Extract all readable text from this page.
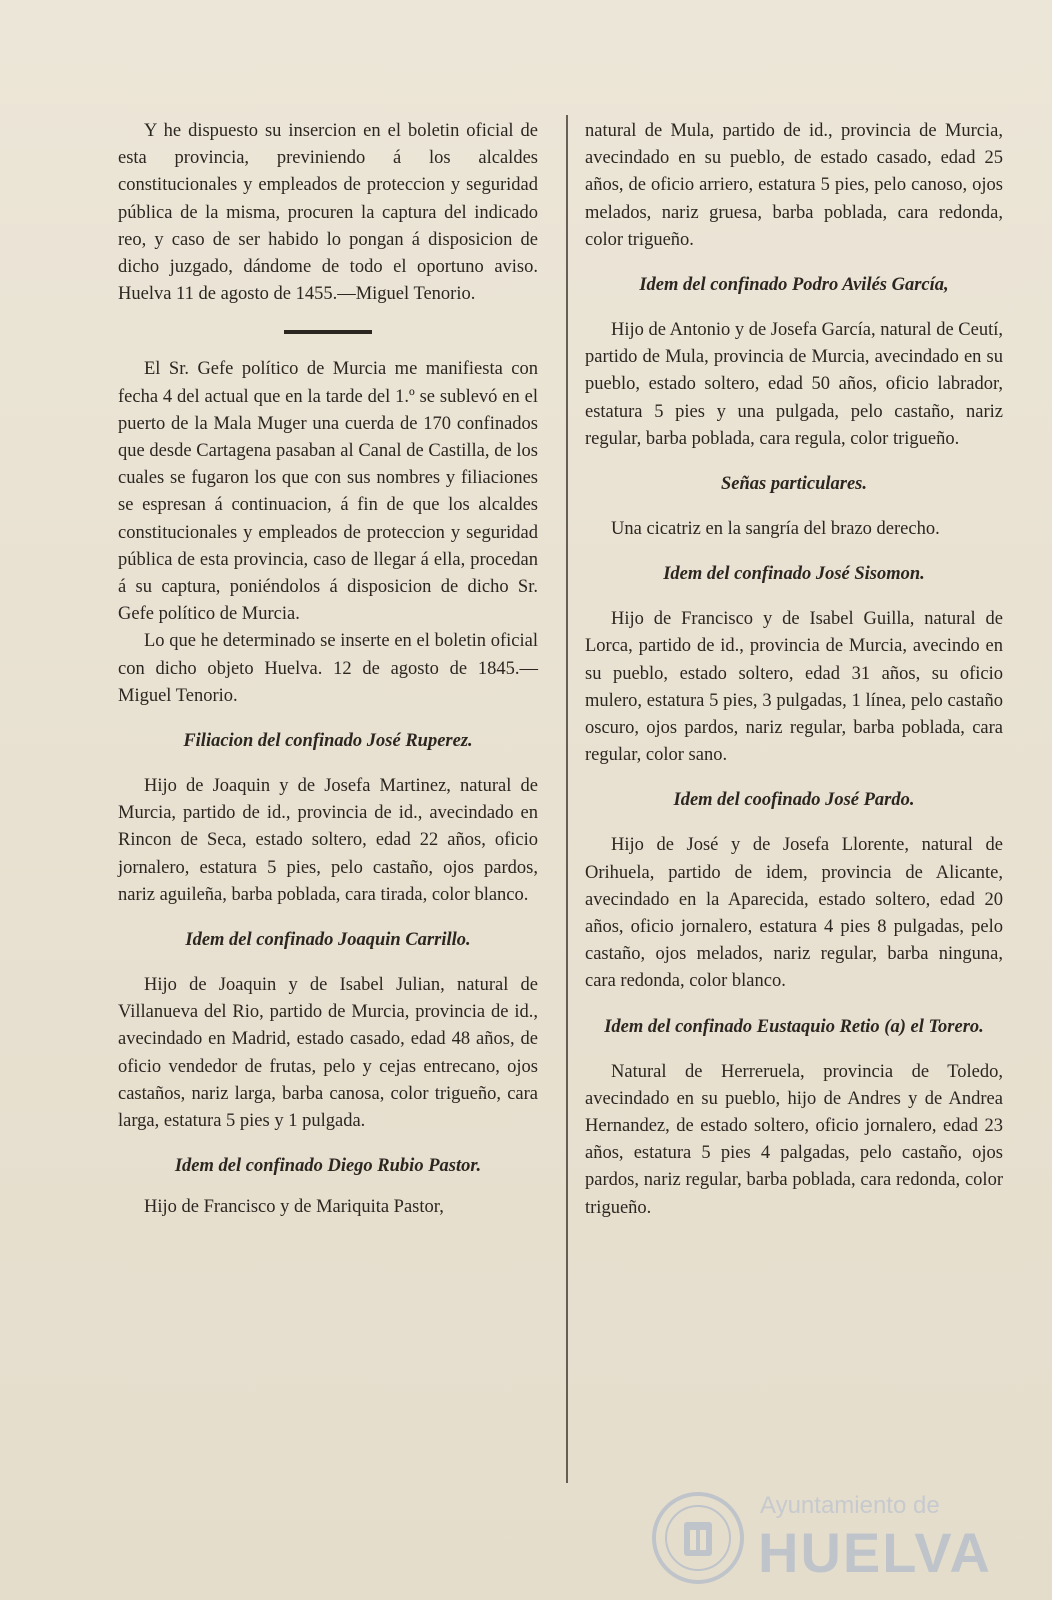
Y he dispuesto su insercion en el boletin oficial de esta provincia, previniendo á los alcaldes constitucionales y empleados de proteccion y seguridad pública de la misma, procuren la captura del indicado reo, y caso de ser habido lo pongan á disposicion de dicho juzgado, dándome de todo el oportuno aviso. Huelva 11 de agosto de 1455.—Miguel Tenorio.

El Sr. Gefe político de Murcia me manifiesta con fecha 4 del actual que en la tarde del 1.º se sublevó en el puerto de la Mala Muger una cuerda de 170 confinados que desde Cartagena pasaban al Canal de Castilla, de los cuales se fugaron los que con sus nombres y filiaciones se espresan á continuacion, á fin de que los alcaldes constitucionales y empleados de proteccion y seguridad pública de esta provincia, caso de llegar á ella, procedan á su captura, poniéndolos á disposicion de dicho Sr. Gefe político de Murcia.

Lo que he determinado se inserte en el boletin oficial con dicho objeto Huelva. 12 de agosto de 1845.—Miguel Tenorio.

Filiacion del confinado José Ruperez.

Hijo de Joaquin y de Josefa Martinez, natural de Murcia, partido de id., provincia de id., avecindado en Rincon de Seca, estado soltero, edad 22 años, oficio jornalero, estatura 5 pies, pelo castaño, ojos pardos, nariz aguileña, barba poblada, cara tirada, color blanco.

Idem del confinado Joaquin Carrillo.

Hijo de Joaquin y de Isabel Julian, natural de Villanueva del Rio, partido de Murcia, provincia de id., avecindado en Madrid, estado casado, edad 48 años, de oficio vendedor de frutas, pelo y cejas entrecano, ojos castaños, nariz larga, barba canosa, color trigueño, cara larga, estatura 5 pies y 1 pulgada.

Idem del confinado Diego Rubio Pastor.

Hijo de Francisco y de Mariquita Pastor,

natural de Mula, partido de id., provincia de Murcia, avecindado en su pueblo, de estado casado, edad 25 años, de oficio arriero, estatura 5 pies, pelo canoso, ojos melados, nariz gruesa, barba poblada, cara redonda, color trigueño.

Idem del confinado Podro Avilés García,

Hijo de Antonio y de Josefa García, natural de Ceutí, partido de Mula, provincia de Murcia, avecindado en su pueblo, estado soltero, edad 50 años, oficio labrador, estatura 5 pies y una pulgada, pelo castaño, nariz regular, barba poblada, cara regula, color trigueño.

Señas particulares.

Una cicatriz en la sangría del brazo derecho.

Idem del confinado José Sisomon.

Hijo de Francisco y de Isabel Guilla, natural de Lorca, partido de id., provincia de Murcia, avecindo en su pueblo, estado soltero, edad 31 años, su oficio mulero, estatura 5 pies, 3 pulgadas, 1 línea, pelo castaño oscuro, ojos pardos, nariz regular, barba poblada, cara regular, color sano.

Idem del coofinado José Pardo.

Hijo de José y de Josefa Llorente, natural de Orihuela, partido de idem, provincia de Alicante, avecindado en la Aparecida, estado soltero, edad 20 años, oficio jornalero, estatura 4 pies 8 pulgadas, pelo castaño, ojos melados, nariz regular, barba ninguna, cara redonda, color blanco.

Idem del confinado Eustaquio Retio (a) el Torero.

Natural de Herreruela, provincia de Toledo, avecindado en su pueblo, hijo de Andres y de Andrea Hernandez, de estado soltero, oficio jornalero, edad 23 años, estatura 5 pies 4 palgadas, pelo castaño, ojos pardos, nariz regular, barba poblada, cara redonda, color trigueño.

Ayuntamiento de
HUELVA
